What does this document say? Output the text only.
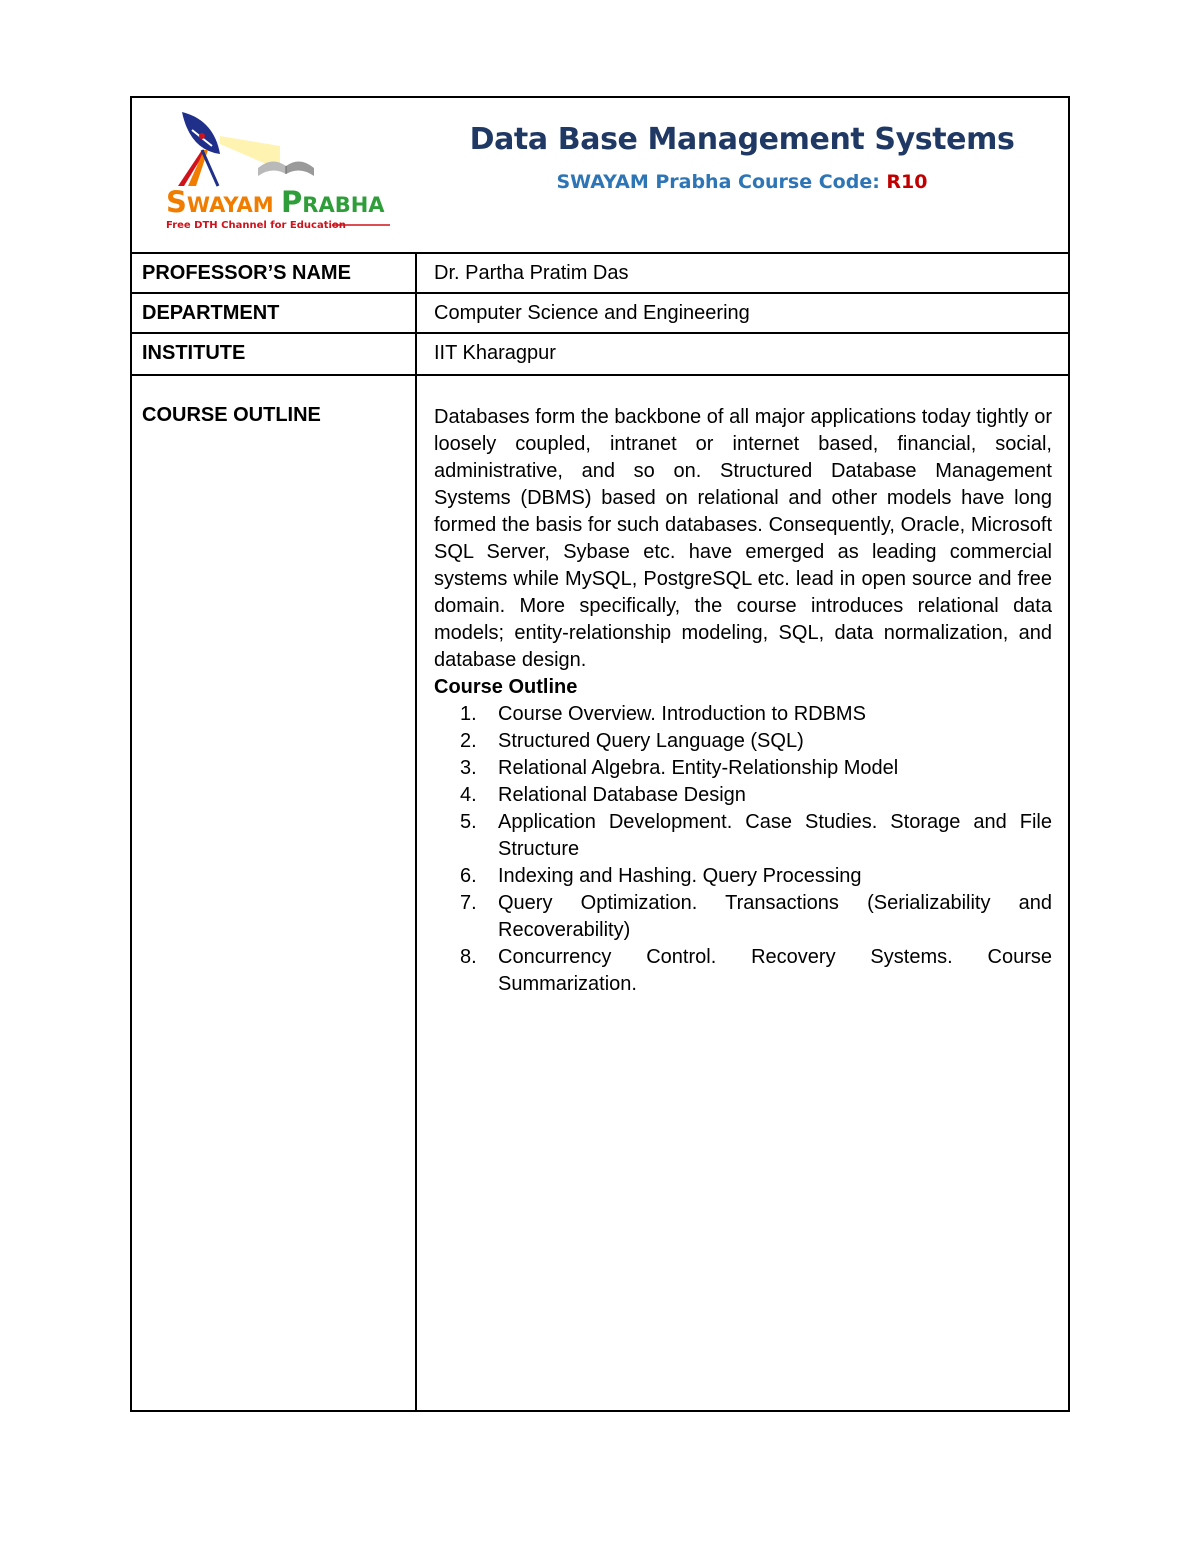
SWAYAM PRABHA
Free DTH Channel for Education
Data Base Management Systems
SWAYAM Prabha Course Code: R10
PROFESSOR’S NAME	Dr. Partha Pratim Das
DEPARTMENT	Computer Science and Engineering
INSTITUTE	IIT Kharagpur
COURSE OUTLINE	Databases form the backbone of all major applications today tightly or loosely coupled, intranet or internet based, financial, social, administrative, and so on. Structured Database Management Systems (DBMS) based on relational and other models have long formed the basis for such databases. Consequently, Oracle, Microsoft SQL Server, Sybase etc. have emerged as leading commercial systems while MySQL, PostgreSQL etc. lead in open source and free domain. More specifically, the course introduces relational data models; entity-relationship modeling, SQL, data normalization, and database design.

Course Outline

1. Course Overview. Introduction to RDBMS
2. Structured Query Language (SQL)
3. Relational Algebra. Entity-Relationship Model
4. Relational Database Design
5. Application Development. Case Studies. Storage and File Structure
6. Indexing and Hashing. Query Processing
7. Query Optimization. Transactions (Serializability and Recoverability)
8. Concurrency Control. Recovery Systems. Course Summarization.
